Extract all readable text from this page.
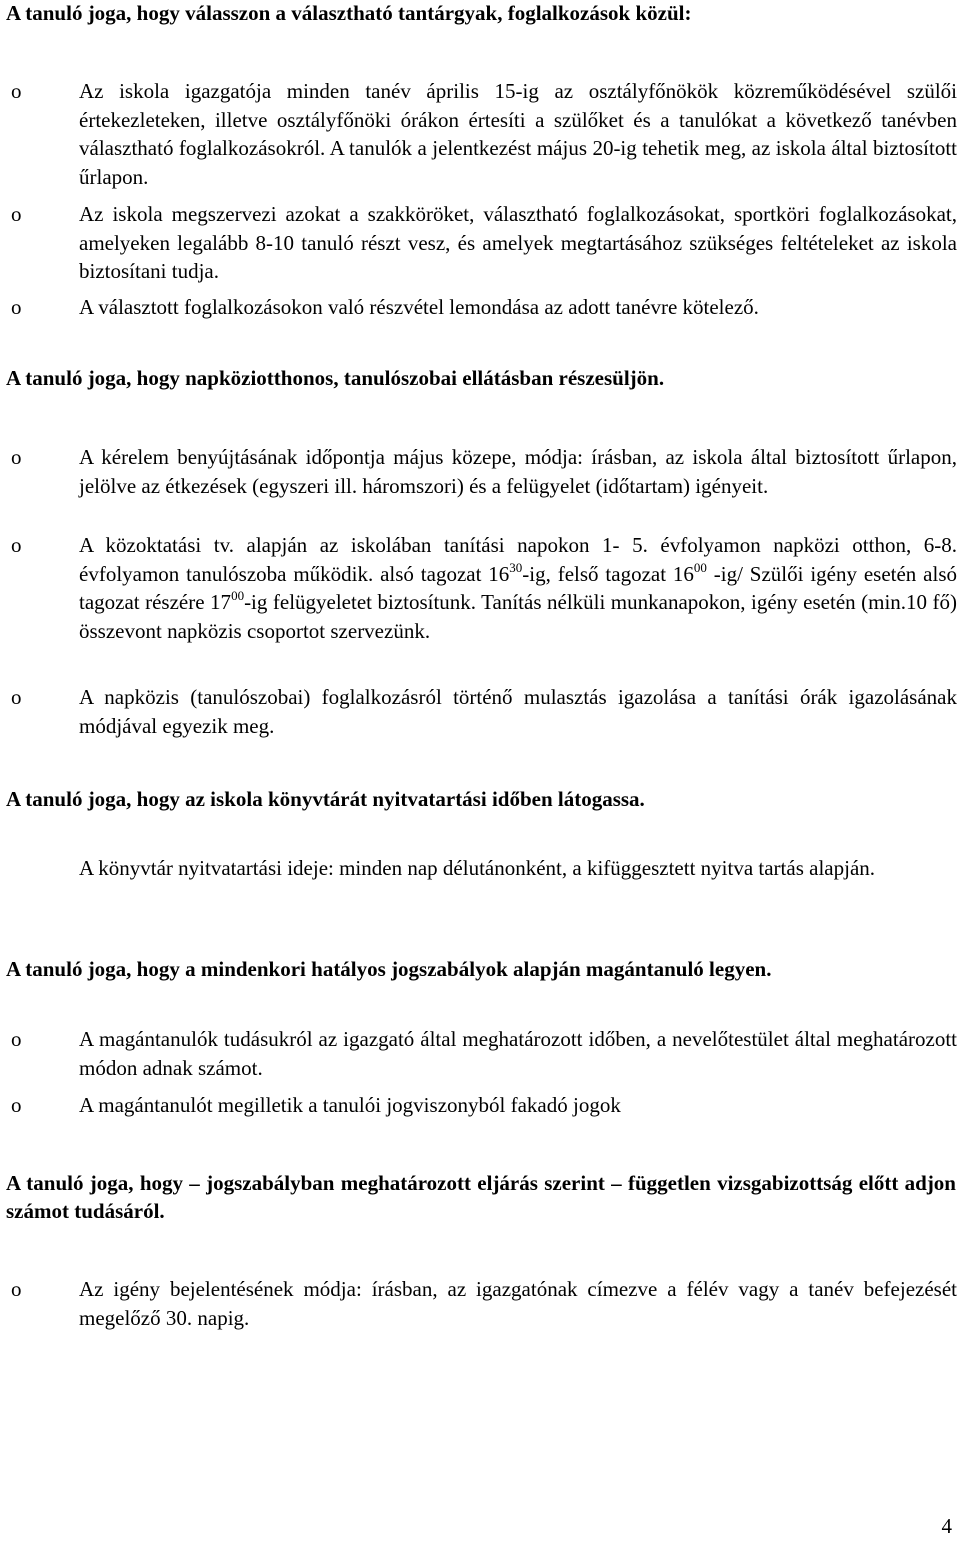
A tanuló joga, hogy válasszon a választható tantárgyak, foglalkozások közül:

o Az iskola igazgatója minden tanév április 15-ig az osztályfőnökök közreműködésével szülői értekezleteken, illetve osztályfőnöki órákon értesíti a szülőket és a tanulókat a következő tanévben választható foglalkozásokról. A tanulók a jelentkezést május 20-ig tehetik meg, az iskola által biztosított űrlapon.

o Az iskola megszervezi azokat a szakköröket, választható foglalkozásokat, sportköri foglalkozásokat, amelyeken legalább 8-10 tanuló részt vesz, és amelyek megtartásához szükséges feltételeket az iskola biztosítani tudja.

o A választott foglalkozásokon való részvétel lemondása az adott tanévre kötelező.

A tanuló joga, hogy napköziotthonos, tanulószobai ellátásban részesüljön.

o A kérelem benyújtásának időpontja május közepe, módja: írásban, az iskola által biztosított űrlapon, jelölve az étkezések (egyszeri ill. háromszori) és a felügyelet (időtartam) igényeit.

o A közoktatási tv. alapján az iskolában tanítási napokon 1- 5. évfolyamon napközi otthon, 6-8. évfolyamon tanulószoba működik. alsó tagozat $16^{30}-ig$, felső tagozat $16^{00}$ -ig/ Szülői igény esetén alsó tagozat részére $17^{00}-ig$ felügyeletet biztosítunk. Tanítás nélküli munkanapokon, igény esetén (min.10 fő) összevont napközis csoportot szervezünk.

o A napközis (tanulószobai) foglalkozásról történő mulasztás igazolása a tanítási órák igazolásának módjával egyezik meg.

A tanuló joga, hogy az iskola könyvtárát nyitvatartási időben látogassa.

A könyvtár nyitvatartási ideje: minden nap délutánonként, a kifüggesztett nyitva tartás alapján.

A tanuló joga, hogy a mindenkori hatályos jogszabályok alapján magántanuló legyen.

o A magántanulók tudásukról az igazgató által meghatározott időben, a nevelőtestület által meghatározott módon adnak számot.

o A magántanulót megilletik a tanulói jogviszonyból fakadó jogok

A tanuló joga, hogy – jogszabályban meghatározott eljárás szerint – független vizsgabizottság előtt adjon számot tudásáról.

o Az igény bejelentésének módja: írásban, az igazgatónak címezve a félév vagy a tanév befejezését megelőző 30. napig.

4
